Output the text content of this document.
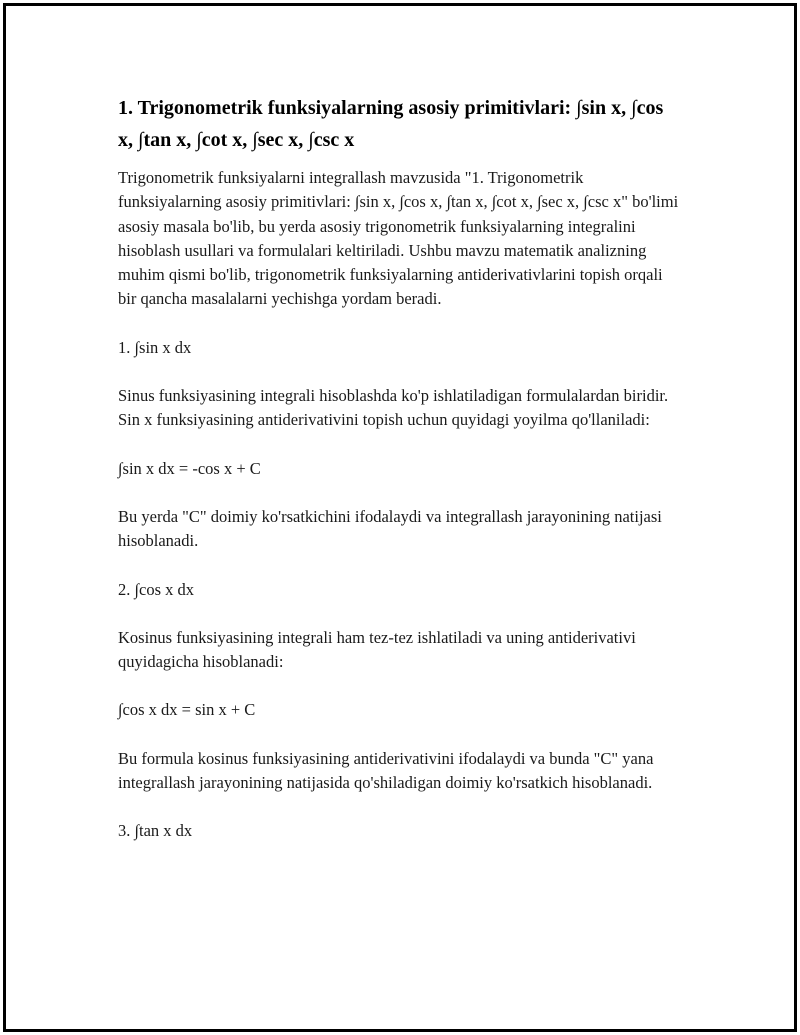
1. Trigonometrik funksiyalarning asosiy primitivlari: ∫sin x, ∫cos x, ∫tan x, ∫cot x, ∫sec x, ∫csc x

Trigonometrik funksiyalarni integrallash mavzusida "1. Trigonometrik funksiyalarning asosiy primitivlari: ∫sin x, ∫cos x, ∫tan x, ∫cot x, ∫sec x, ∫csc x" bo'limi asosiy masala bo'lib, bu yerda asosiy trigonometrik funksiyalarning integralini hisoblash usullari va formulalari keltiriladi. Ushbu mavzu matematik analizning muhim qismi bo'lib, trigonometrik funksiyalarning antiderivativlarini topish orqali bir qancha masalalarni yechishga yordam beradi.

1. ∫sin x dx

Sinus funksiyasining integrali hisoblashda ko'p ishlatiladigan formulalardan biridir. Sin x funksiyasining antiderivativini topish uchun quyidagi yoyilma qo'llaniladi:

∫sin x dx = -cos x + C

Bu yerda "C" doimiy ko'rsatkichini ifodalaydi va integrallash jarayonining natijasi hisoblanadi.

2. ∫cos x dx

Kosinus funksiyasining integrali ham tez-tez ishlatiladi va uning antiderivativi quyidagicha hisoblanadi:

∫cos x dx = sin x + C

Bu formula kosinus funksiyasining antiderivativini ifodalaydi va bunda "C" yana integrallash jarayonining natijasida qo'shiladigan doimiy ko'rsatkich hisoblanadi.

3. ∫tan x dx
